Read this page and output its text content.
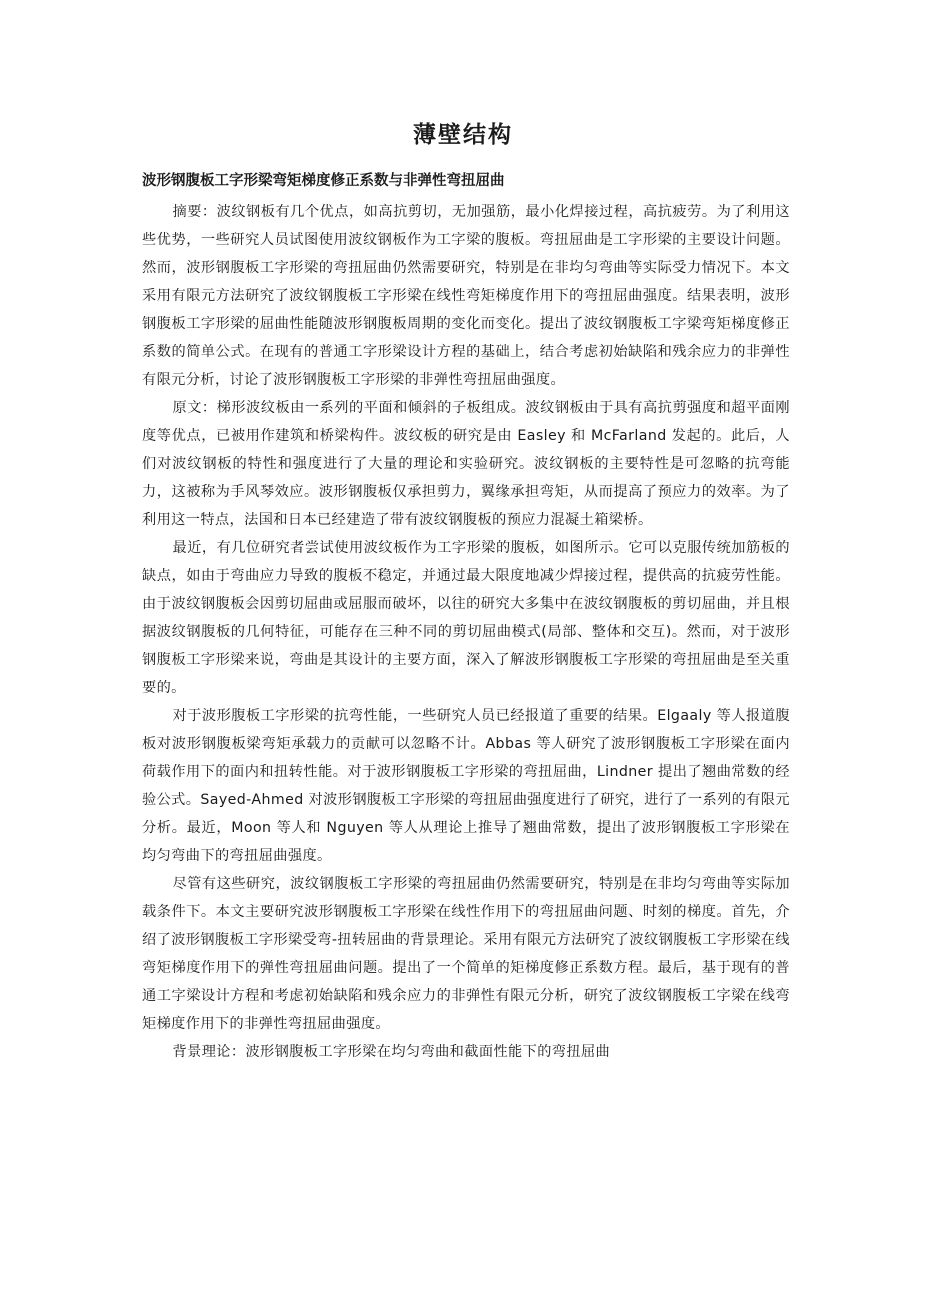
薄壁结构
波形钢腹板工字形梁弯矩梯度修正系数与非弹性弯扭屈曲

摘要：波纹钢板有几个优点，如高抗剪切，无加强筋，最小化焊接过程，高抗疲劳。为了利用这些优势，一些研究人员试图使用波纹钢板作为工字梁的腹板。弯扭屈曲是工字形梁的主要设计问题。然而，波形钢腹板工字形梁的弯扭屈曲仍然需要研究，特别是在非均匀弯曲等实际受力情况下。本文采用有限元方法研究了波纹钢腹板工字形梁在线性弯矩梯度作用下的弯扭屈曲强度。结果表明，波形钢腹板工字形梁的屈曲性能随波形钢腹板周期的变化而变化。提出了波纹钢腹板工字梁弯矩梯度修正系数的简单公式。在现有的普通工字形梁设计方程的基础上，结合考虑初始缺陷和残余应力的非弹性有限元分析，讨论了波形钢腹板工字形梁的非弹性弯扭屈曲强度。

原文：梯形波纹板由一系列的平面和倾斜的子板组成。波纹钢板由于具有高抗剪强度和超平面刚度等优点，已被用作建筑和桥梁构件。波纹板的研究是由 Easley 和 McFarland 发起的。此后，人们对波纹钢板的特性和强度进行了大量的理论和实验研究。波纹钢板的主要特性是可忽略的抗弯能力，这被称为手风琴效应。波形钢腹板仅承担剪力，翼缘承担弯矩，从而提高了预应力的效率。为了利用这一特点，法国和日本已经建造了带有波纹钢腹板的预应力混凝土箱梁桥。

最近，有几位研究者尝试使用波纹板作为工字形梁的腹板，如图所示。它可以克服传统加筋板的缺点，如由于弯曲应力导致的腹板不稳定，并通过最大限度地减少焊接过程，提供高的抗疲劳性能。由于波纹钢腹板会因剪切屈曲或屈服而破坏，以往的研究大多集中在波纹钢腹板的剪切屈曲，并且根据波纹钢腹板的几何特征，可能存在三种不同的剪切屈曲模式(局部、整体和交互)。然而，对于波形钢腹板工字形梁来说，弯曲是其设计的主要方面，深入了解波形钢腹板工字形梁的弯扭屈曲是至关重要的。

对于波形腹板工字形梁的抗弯性能，一些研究人员已经报道了重要的结果。Elgaaly 等人报道腹板对波形钢腹板梁弯矩承载力的贡献可以忽略不计。Abbas 等人研究了波形钢腹板工字形梁在面内荷载作用下的面内和扭转性能。对于波形钢腹板工字形梁的弯扭屈曲，Lindner 提出了翘曲常数的经验公式。Sayed-Ahmed 对波形钢腹板工字形梁的弯扭屈曲强度进行了研究，进行了一系列的有限元分析。最近，Moon 等人和 Nguyen 等人从理论上推导了翘曲常数，提出了波形钢腹板工字形梁在均匀弯曲下的弯扭屈曲强度。

尽管有这些研究，波纹钢腹板工字形梁的弯扭屈曲仍然需要研究，特别是在非均匀弯曲等实际加载条件下。本文主要研究波形钢腹板工字形梁在线性作用下的弯扭屈曲问题、时刻的梯度。首先，介绍了波形钢腹板工字形梁受弯-扭转屈曲的背景理论。采用有限元方法研究了波纹钢腹板工字形梁在线弯矩梯度作用下的弹性弯扭屈曲问题。提出了一个简单的矩梯度修正系数方程。最后，基于现有的普通工字梁设计方程和考虑初始缺陷和残余应力的非弹性有限元分析，研究了波纹钢腹板工字梁在线弯矩梯度作用下的非弹性弯扭屈曲强度。

背景理论：波形钢腹板工字形梁在均匀弯曲和截面性能下的弯扭屈曲
